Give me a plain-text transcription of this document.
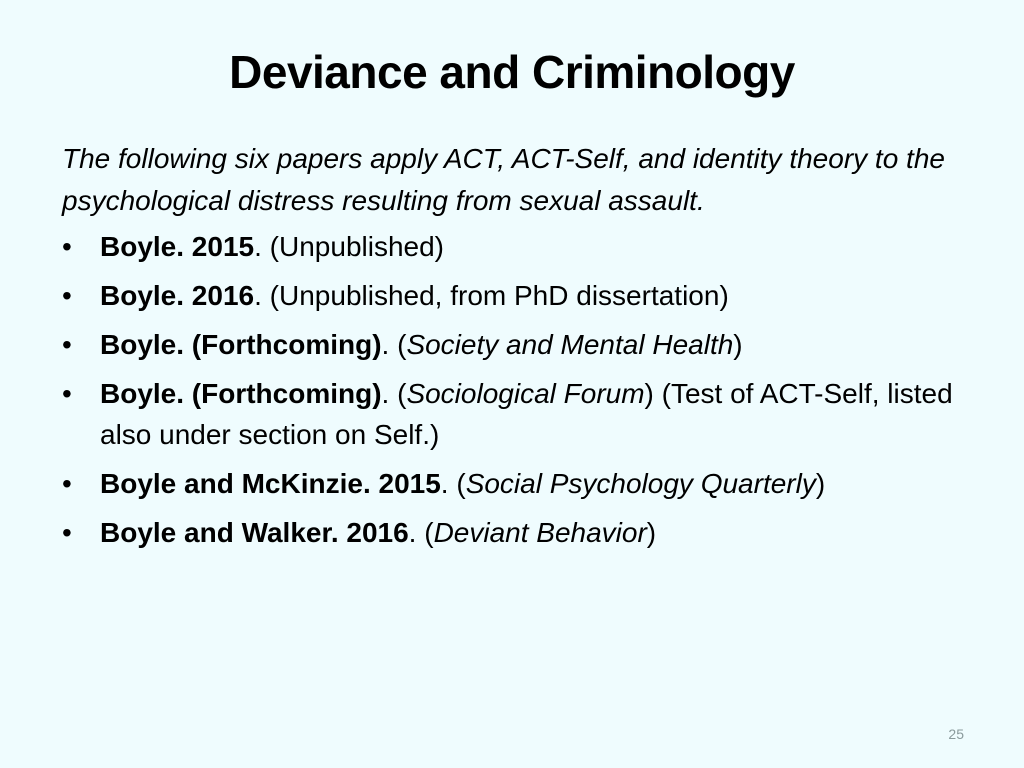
Deviance and Criminology

The following six papers apply ACT, ACT-Self, and identity theory to the psychological distress resulting from sexual assault.

•	Boyle. 2015. (Unpublished)
•	Boyle. 2016. (Unpublished, from PhD dissertation)
•	Boyle. (Forthcoming). (Society and Mental Health)
•	Boyle. (Forthcoming). (Sociological Forum) (Test of ACT-Self, listed also under section on Self.)
•	Boyle and McKinzie. 2015. (Social Psychology Quarterly)
•	Boyle and Walker. 2016. (Deviant Behavior)
25
